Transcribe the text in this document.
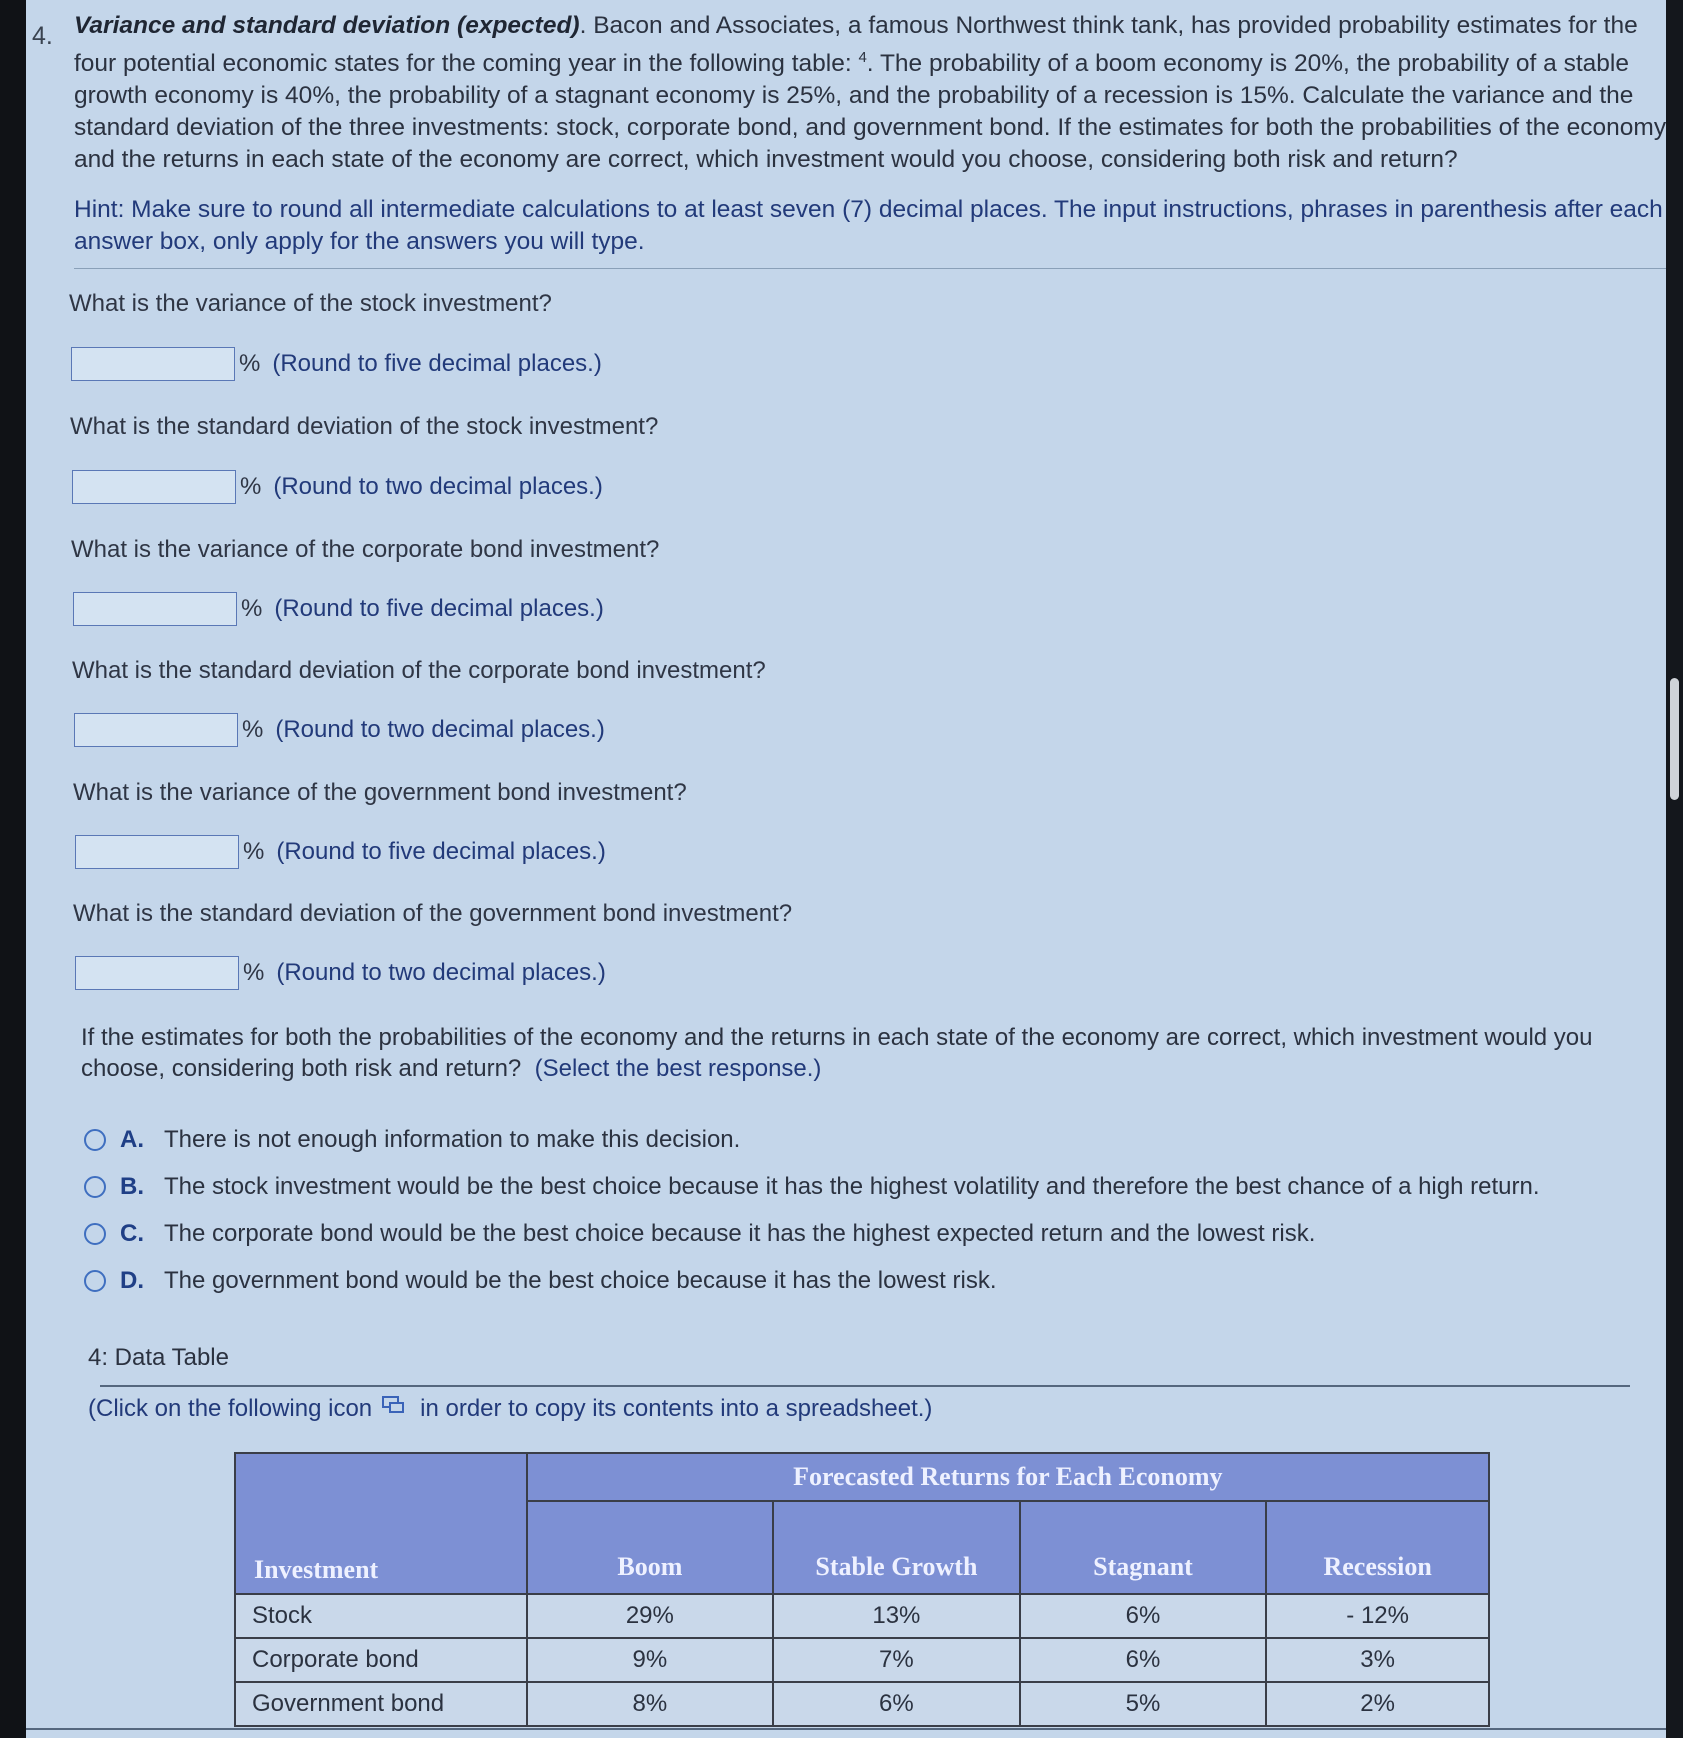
4. Variance and standard deviation (expected). Bacon and Associates, a famous Northwest think tank, has provided probability estimates for the four potential economic states for the coming year in the following table: $^4$. The probability of a boom economy is 20%, the probability of a stable growth economy is 40%, the probability of a stagnant economy is 25%, and the probability of a recession is 15%. Calculate the variance and the standard deviation of the three investments: stock, corporate bond, and government bond. If the estimates for both the probabilities of the economy and the returns in each state of the economy are correct, which investment would you choose, considering both risk and return?
Hint: Make sure to round all intermediate calculations to at least seven (7) decimal places. The input instructions, phrases in parenthesis after each answer box, only apply for the answers you will type.
What is the variance of the stock investment?
% (Round to five decimal places.)
What is the standard deviation of the stock investment?
% (Round to two decimal places.)
What is the variance of the corporate bond investment?
% (Round to five decimal places.)
What is the standard deviation of the corporate bond investment?
% (Round to two decimal places.)
What is the variance of the government bond investment?
% (Round to five decimal places.)
What is the standard deviation of the government bond investment?
% (Round to two decimal places.)
If the estimates for both the probabilities of the economy and the returns in each state of the economy are correct, which investment would you choose, considering both risk and return? (Select the best response.)
A. There is not enough information to make this decision.
B. The stock investment would be the best choice because it has the highest volatility and therefore the best chance of a high return.
C. The corporate bond would be the best choice because it has the highest expected return and the lowest risk.
D. The government bond would be the best choice because it has the lowest risk.
4: Data Table
(Click on the following icon in order to copy its contents into a spreadsheet.)
Investment	Forecasted Returns for Each Economy			
	Boom	Stable Growth	Stagnant	Recession
Stock	29%	13%	6%	- 12%
Corporate bond	9%	7%	6%	3%
Government bond	8%	6%	5%	2%
